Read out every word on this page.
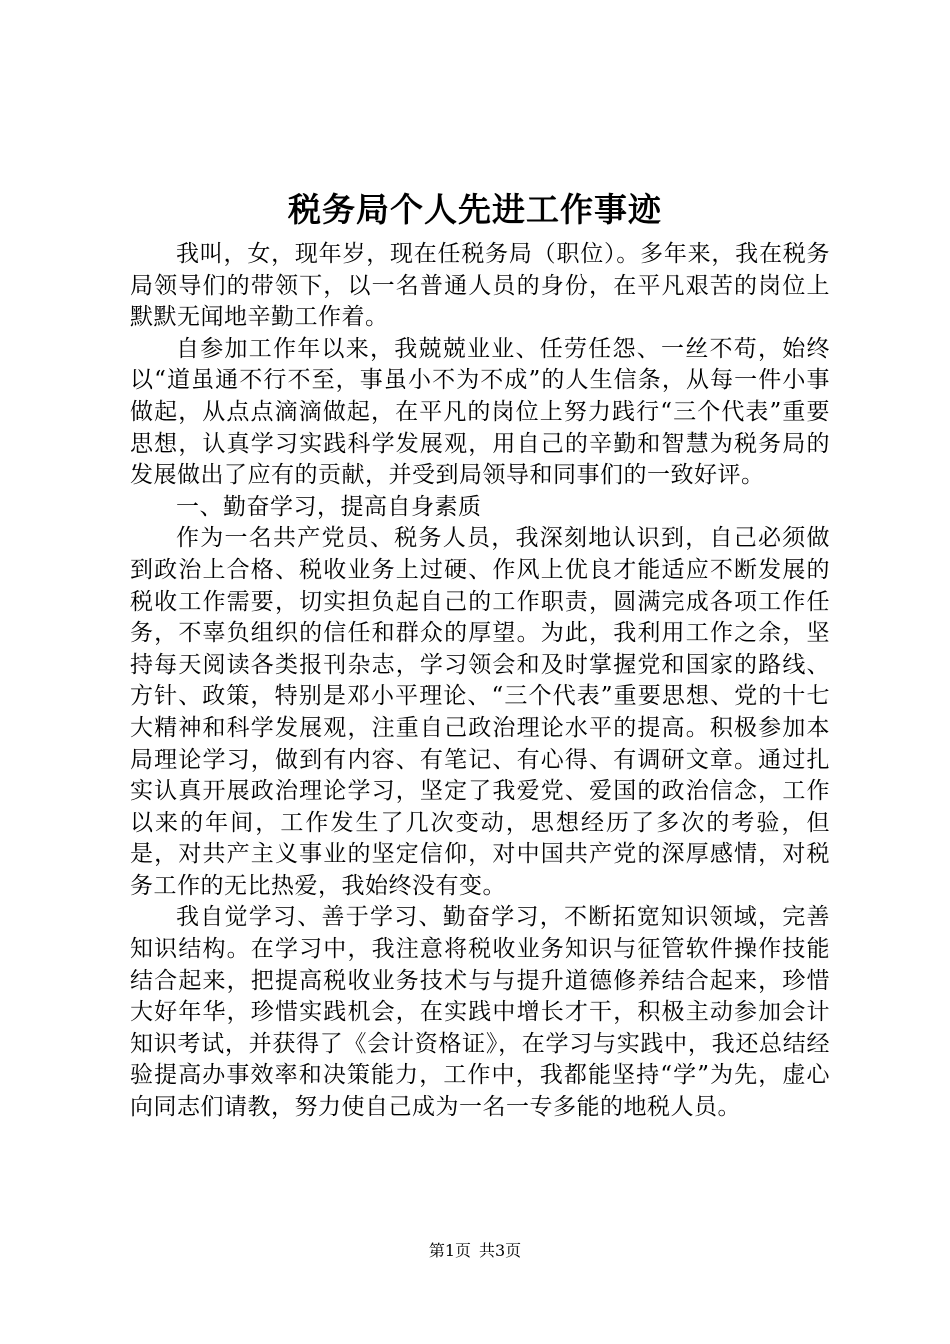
税务局个人先进工作事迹

我叫，女，现年岁，现在任税务局（职位）。多年来，我在税务局领导们的带领下，以一名普通人员的身份，在平凡艰苦的岗位上默默无闻地辛勤工作着。

自参加工作年以来，我兢兢业业、任劳任怨、一丝不苟，始终以“道虽通不行不至，事虽小不为不成”的人生信条，从每一件小事做起，从点点滴滴做起，在平凡的岗位上努力践行“三个代表”重要思想，认真学习实践科学发展观，用自己的辛勤和智慧为税务局的发展做出了应有的贡献，并受到局领导和同事们的一致好评。

一、勤奋学习，提高自身素质

作为一名共产党员、税务人员，我深刻地认识到，自己必须做到政治上合格、税收业务上过硬、作风上优良才能适应不断发展的税收工作需要，切实担负起自己的工作职责，圆满完成各项工作任务，不辜负组织的信任和群众的厚望。为此，我利用工作之余，坚持每天阅读各类报刊杂志，学习领会和及时掌握党和国家的路线、方针、政策，特别是邓小平理论、“三个代表”重要思想、党的十七大精神和科学发展观，注重自己政治理论水平的提高。积极参加本局理论学习，做到有内容、有笔记、有心得、有调研文章。通过扎实认真开展政治理论学习，坚定了我爱党、爱国的政治信念，工作以来的年间，工作发生了几次变动，思想经历了多次的考验，但是，对共产主义事业的坚定信仰，对中国共产党的深厚感情，对税务工作的无比热爱，我始终没有变。

我自觉学习、善于学习、勤奋学习，不断拓宽知识领域，完善知识结构。在学习中，我注意将税收业务知识与征管软件操作技能结合起来，把提高税收业务技术与与提升道德修养结合起来，珍惜大好年华，珍惜实践机会，在实践中增长才干，积极主动参加会计知识考试，并获得了《会计资格证》，在学习与实践中，我还总结经验提高办事效率和决策能力，工作中，我都能坚持“学”为先，虚心向同志们请教，努力使自己成为一名一专多能的地税人员。

第1页 共3页
